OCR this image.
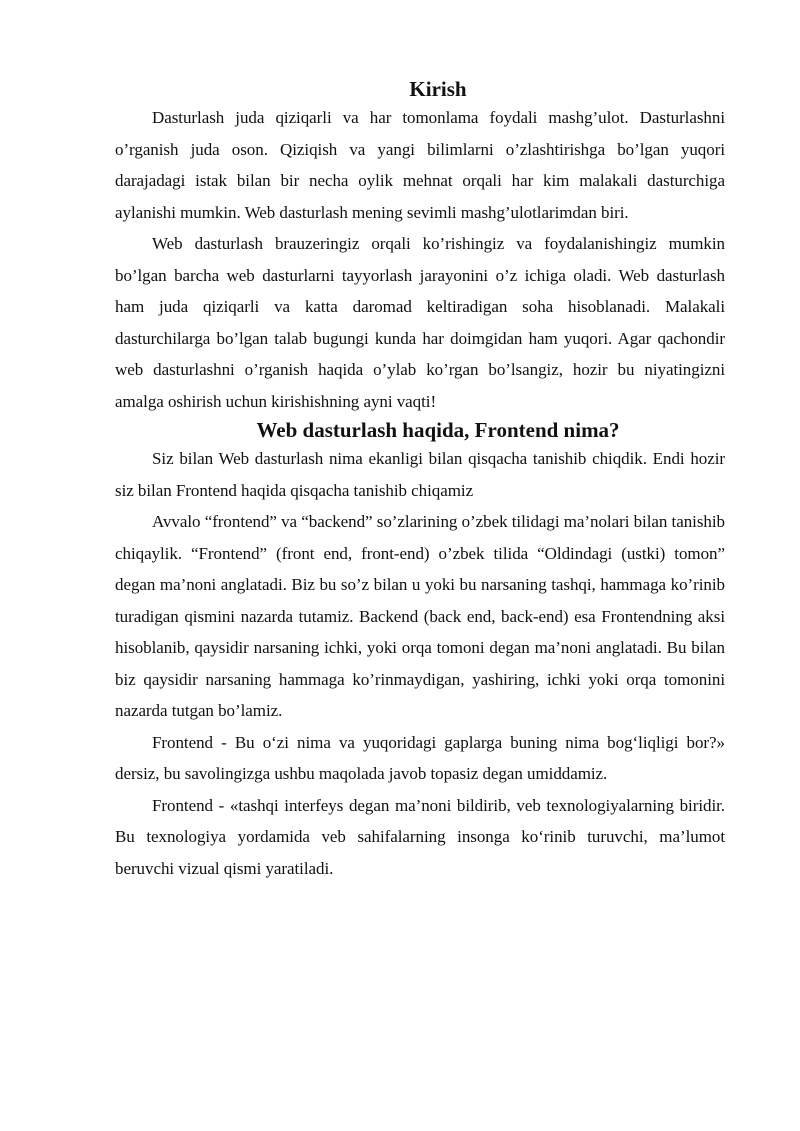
Kirish

Dasturlash juda qiziqarli va har tomonlama foydali mashg’ulot. Dasturlashni o’rganish juda oson. Qiziqish va yangi bilimlarni o’zlashtirishga bo’lgan yuqori darajadagi istak bilan bir necha oylik mehnat orqali har kim malakali dasturchiga aylanishi mumkin. Web dasturlash mening sevimli mashg’ulotlarimdan biri.

Web dasturlash brauzeringiz orqali ko’rishingiz va foydalanishingiz mumkin bo’lgan barcha web dasturlarni tayyorlash jarayonini o’z ichiga oladi. Web dasturlash ham juda qiziqarli va katta daromad keltiradigan soha hisoblanadi. Malakali dasturchilarga bo’lgan talab bugungi kunda har doimgidan ham yuqori. Agar qachondir web dasturlashni o’rganish haqida o’ylab ko’rgan bo’lsangiz, hozir bu niyatingizni amalga oshirish uchun kirishishning ayni vaqti!

Web dasturlash haqida, Frontend nima?

Siz bilan Web dasturlash nima ekanligi bilan qisqacha tanishib chiqdik. Endi hozir siz bilan Frontend haqida qisqacha tanishib chiqamiz

Avvalo “frontend” va “backend” so’zlarining o’zbek tilidagi ma’nolari bilan tanishib chiqaylik. “Frontend” (front end, front-end) o’zbek tilida “Oldindagi (ustki) tomon” degan ma’noni anglatadi. Biz bu so’z bilan u yoki bu narsaning tashqi, hammaga ko’rinib turadigan qismini nazarda tutamiz. Backend (back end, back-end) esa Frontendning aksi hisoblanib, qaysidir narsaning ichki, yoki orqa tomoni degan ma’noni anglatadi. Bu bilan biz qaysidir narsaning hammaga ko’rinmaydigan, yashiring, ichki yoki orqa tomonini nazarda tutgan bo’lamiz.

Frontend - Bu o‘zi nima va yuqoridagi gaplarga buning nima bog‘liqligi bor?» dersiz, bu savolingizga ushbu maqolada javob topasiz degan umiddamiz.

Frontend - «tashqi interfeys degan ma’noni bildirib, veb texnologiyalarning biridir. Bu texnologiya yordamida veb sahifalarning insonga ko‘rinib turuvchi, ma’lumot beruvchi vizual qismi yaratiladi.
